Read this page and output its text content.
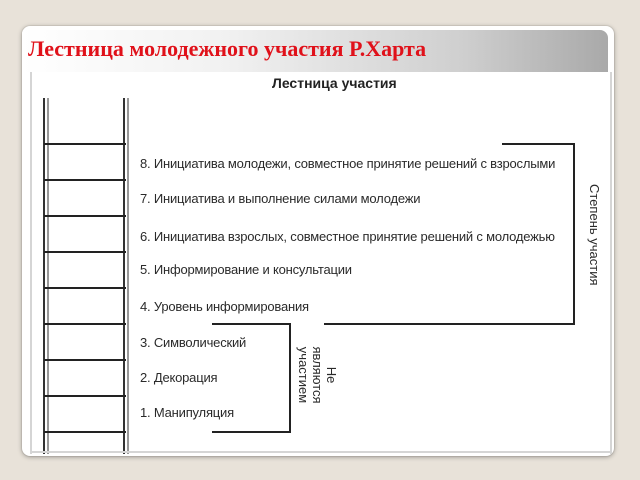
Лестница молодежного участия Р.Харта
Лестница участия
8. Инициатива молодежи, совместное принятие решений с взрослыми
7. Инициатива и выполнение силами молодежи
6. Инициатива взрослых, совместное принятие решений с молодежью
5. Информирование и консультации
4. Уровень информирования
3. Символический
2. Декорация
1. Манипуляция
Степень участия
Не являются
участием
